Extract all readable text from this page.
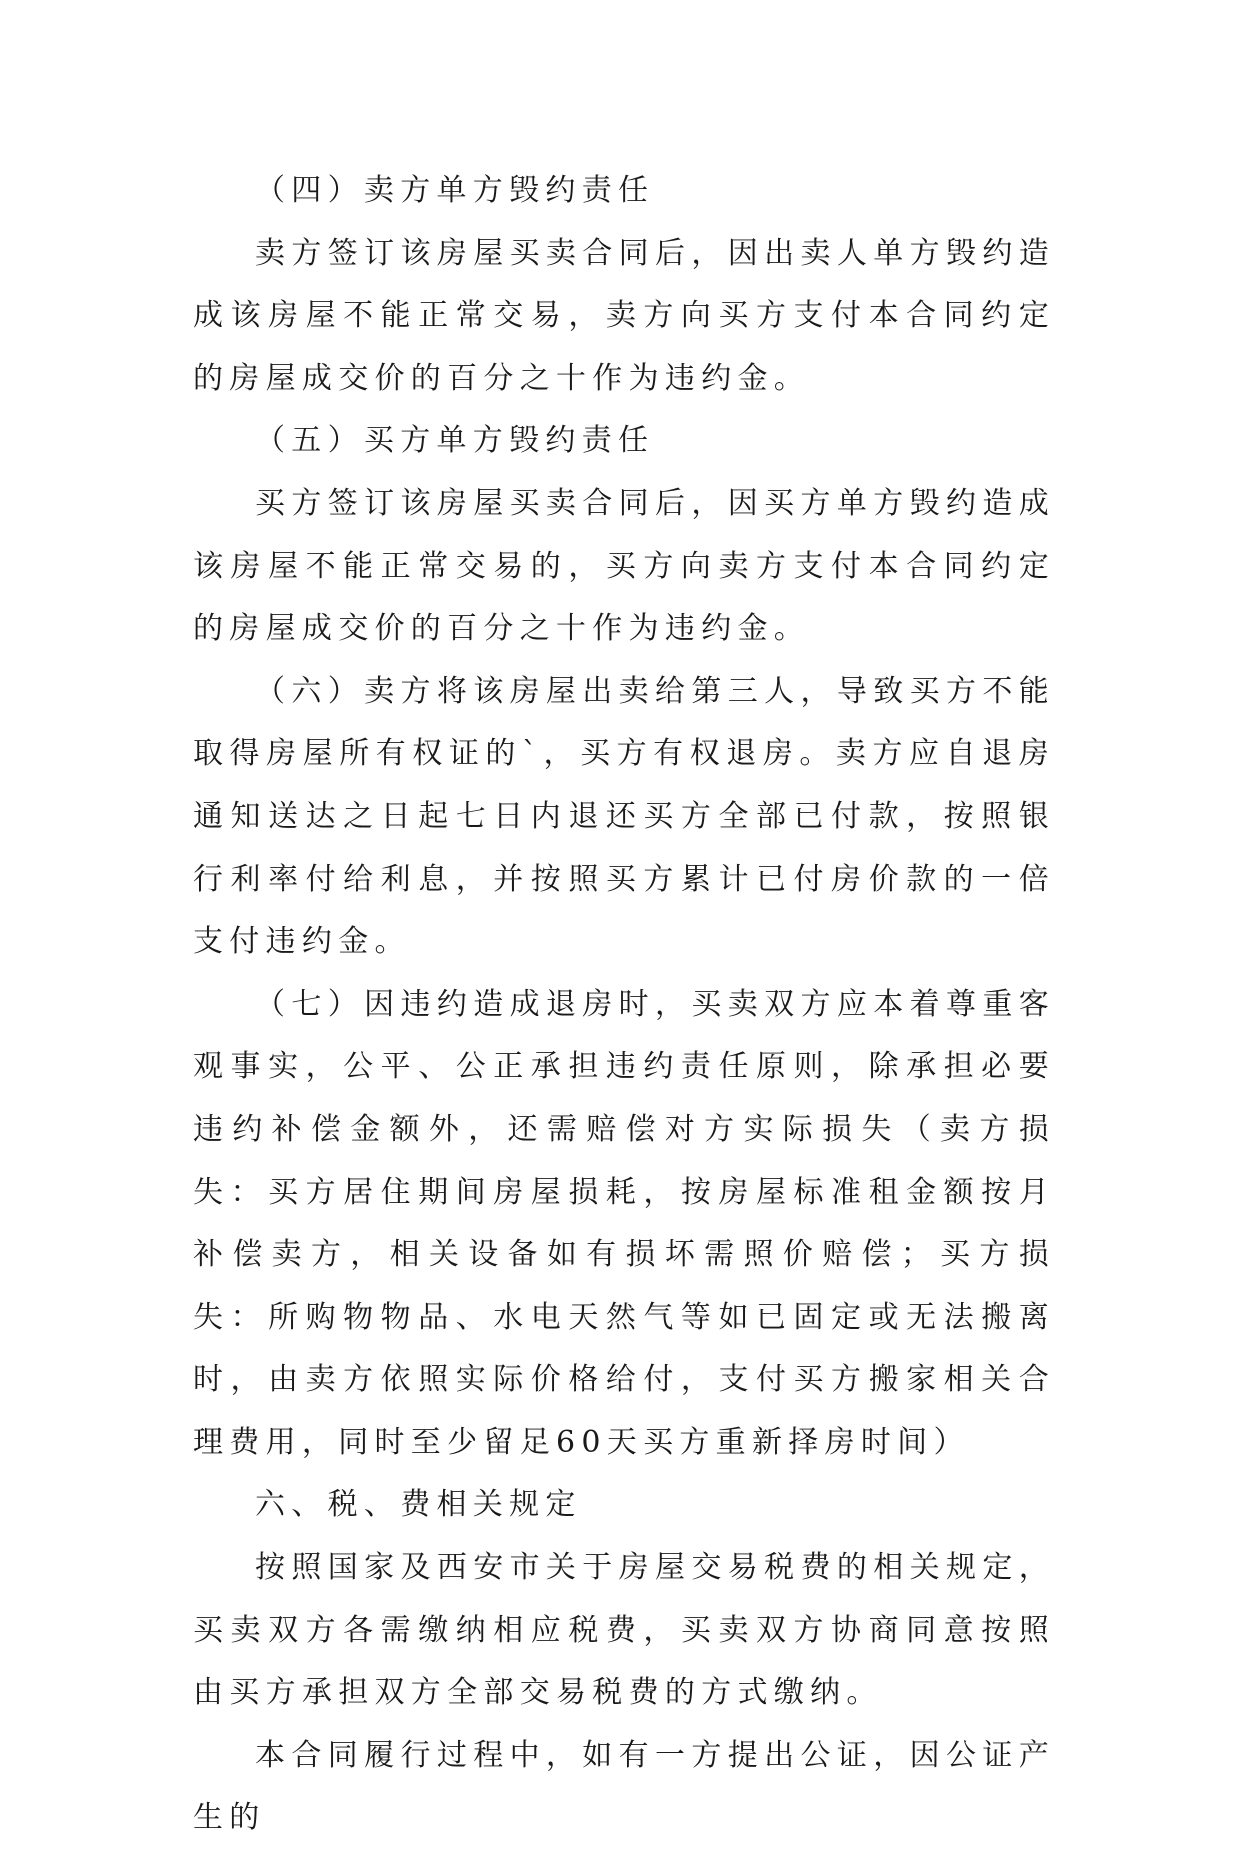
（四）卖方单方毁约责任

卖方签订该房屋买卖合同后，因出卖人单方毁约造成该房屋不能正常交易，卖方向买方支付本合同约定的房屋成交价的百分之十作为违约金。

（五）买方单方毁约责任

买方签订该房屋买卖合同后，因买方单方毁约造成该房屋不能正常交易的，买方向卖方支付本合同约定的房屋成交价的百分之十作为违约金。

（六）卖方将该房屋出卖给第三人，导致买方不能取得房屋所有权证的`，买方有权退房。卖方应自退房通知送达之日起七日内退还买方全部已付款，按照银行利率付给利息，并按照买方累计已付房价款的一倍支付违约金。

（七）因违约造成退房时，买卖双方应本着尊重客观事实，公平、公正承担违约责任原则，除承担必要违约补偿金额外，还需赔偿对方实际损失（卖方损失：买方居住期间房屋损耗，按房屋标准租金额按月补偿卖方，相关设备如有损坏需照价赔偿；买方损失：所购物物品、水电天然气等如已固定或无法搬离时，由卖方依照实际价格给付，支付买方搬家相关合理费用，同时至少留足60天买方重新择房时间）

六、税、费相关规定

按照国家及西安市关于房屋交易税费的相关规定，买卖双方各需缴纳相应税费，买卖双方协商同意按照由买方承担双方全部交易税费的方式缴纳。

本合同履行过程中，如有一方提出公证，因公证产生的
